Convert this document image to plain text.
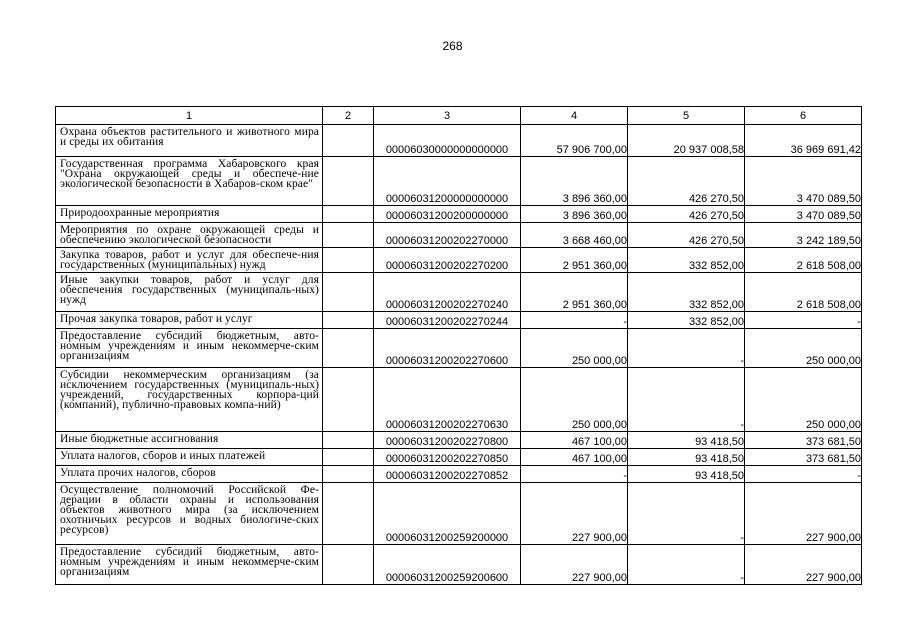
268
1	2	3	4	5	6
Охрана объектов растительного и животного мира и среды их обитания		00006030000000000000	57 906 700,00	20 937 008,58	36 969 691,42
Государственная программа Хабаровского края "Охрана окружающей среды и обеспече-ние экологической безопасности в Хабаров-ском крае"		00006031200000000000	3 896 360,00	426 270,50	3 470 089,50
Природоохранные мероприятия		00006031200200000000	3 896 360,00	426 270,50	3 470 089,50
Мероприятия по охране окружающей среды и обеспечению экологической безопасности		00006031200202270000	3 668 460,00	426 270,50	3 242 189,50
Закупка товаров, работ и услуг для обеспече-ния государственных (муниципальных) нужд		00006031200202270200	2 951 360,00	332 852,00	2 618 508,00
Иные закупки товаров, работ и услуг для обеспечения государственных (муниципаль-ных) нужд		00006031200202270240	2 951 360,00	332 852,00	2 618 508,00
Прочая закупка товаров, работ и услуг		00006031200202270244	-	332 852,00	-
Предоставление субсидий бюджетным, авто-номным учреждениям и иным некоммерче-ским организациям		00006031200202270600	250 000,00	-	250 000,00
Субсидии некоммерческим организациям (за исключением государственных (муниципаль-ных) учреждений, государственных корпора-ций (компаний), публично-правовых компа-ний)		00006031200202270630	250 000,00	-	250 000,00
Иные бюджетные ассигнования		00006031200202270800	467 100,00	93 418,50	373 681,50
Уплата налогов, сборов и иных платежей		00006031200202270850	467 100,00	93 418,50	373 681,50
Уплата прочих налогов, сборов		00006031200202270852	-	93 418,50	-
Осуществление полномочий Российской Фе-дерации в области охраны и использования объектов животного мира (за исключением охотничьих ресурсов и водных биологиче-ских ресурсов)		00006031200259200000	227 900,00	-	227 900,00
Предоставление субсидий бюджетным, авто-номным учреждениям и иным некоммерче-ским организациям		00006031200259200600	227 900,00	-	227 900,00
